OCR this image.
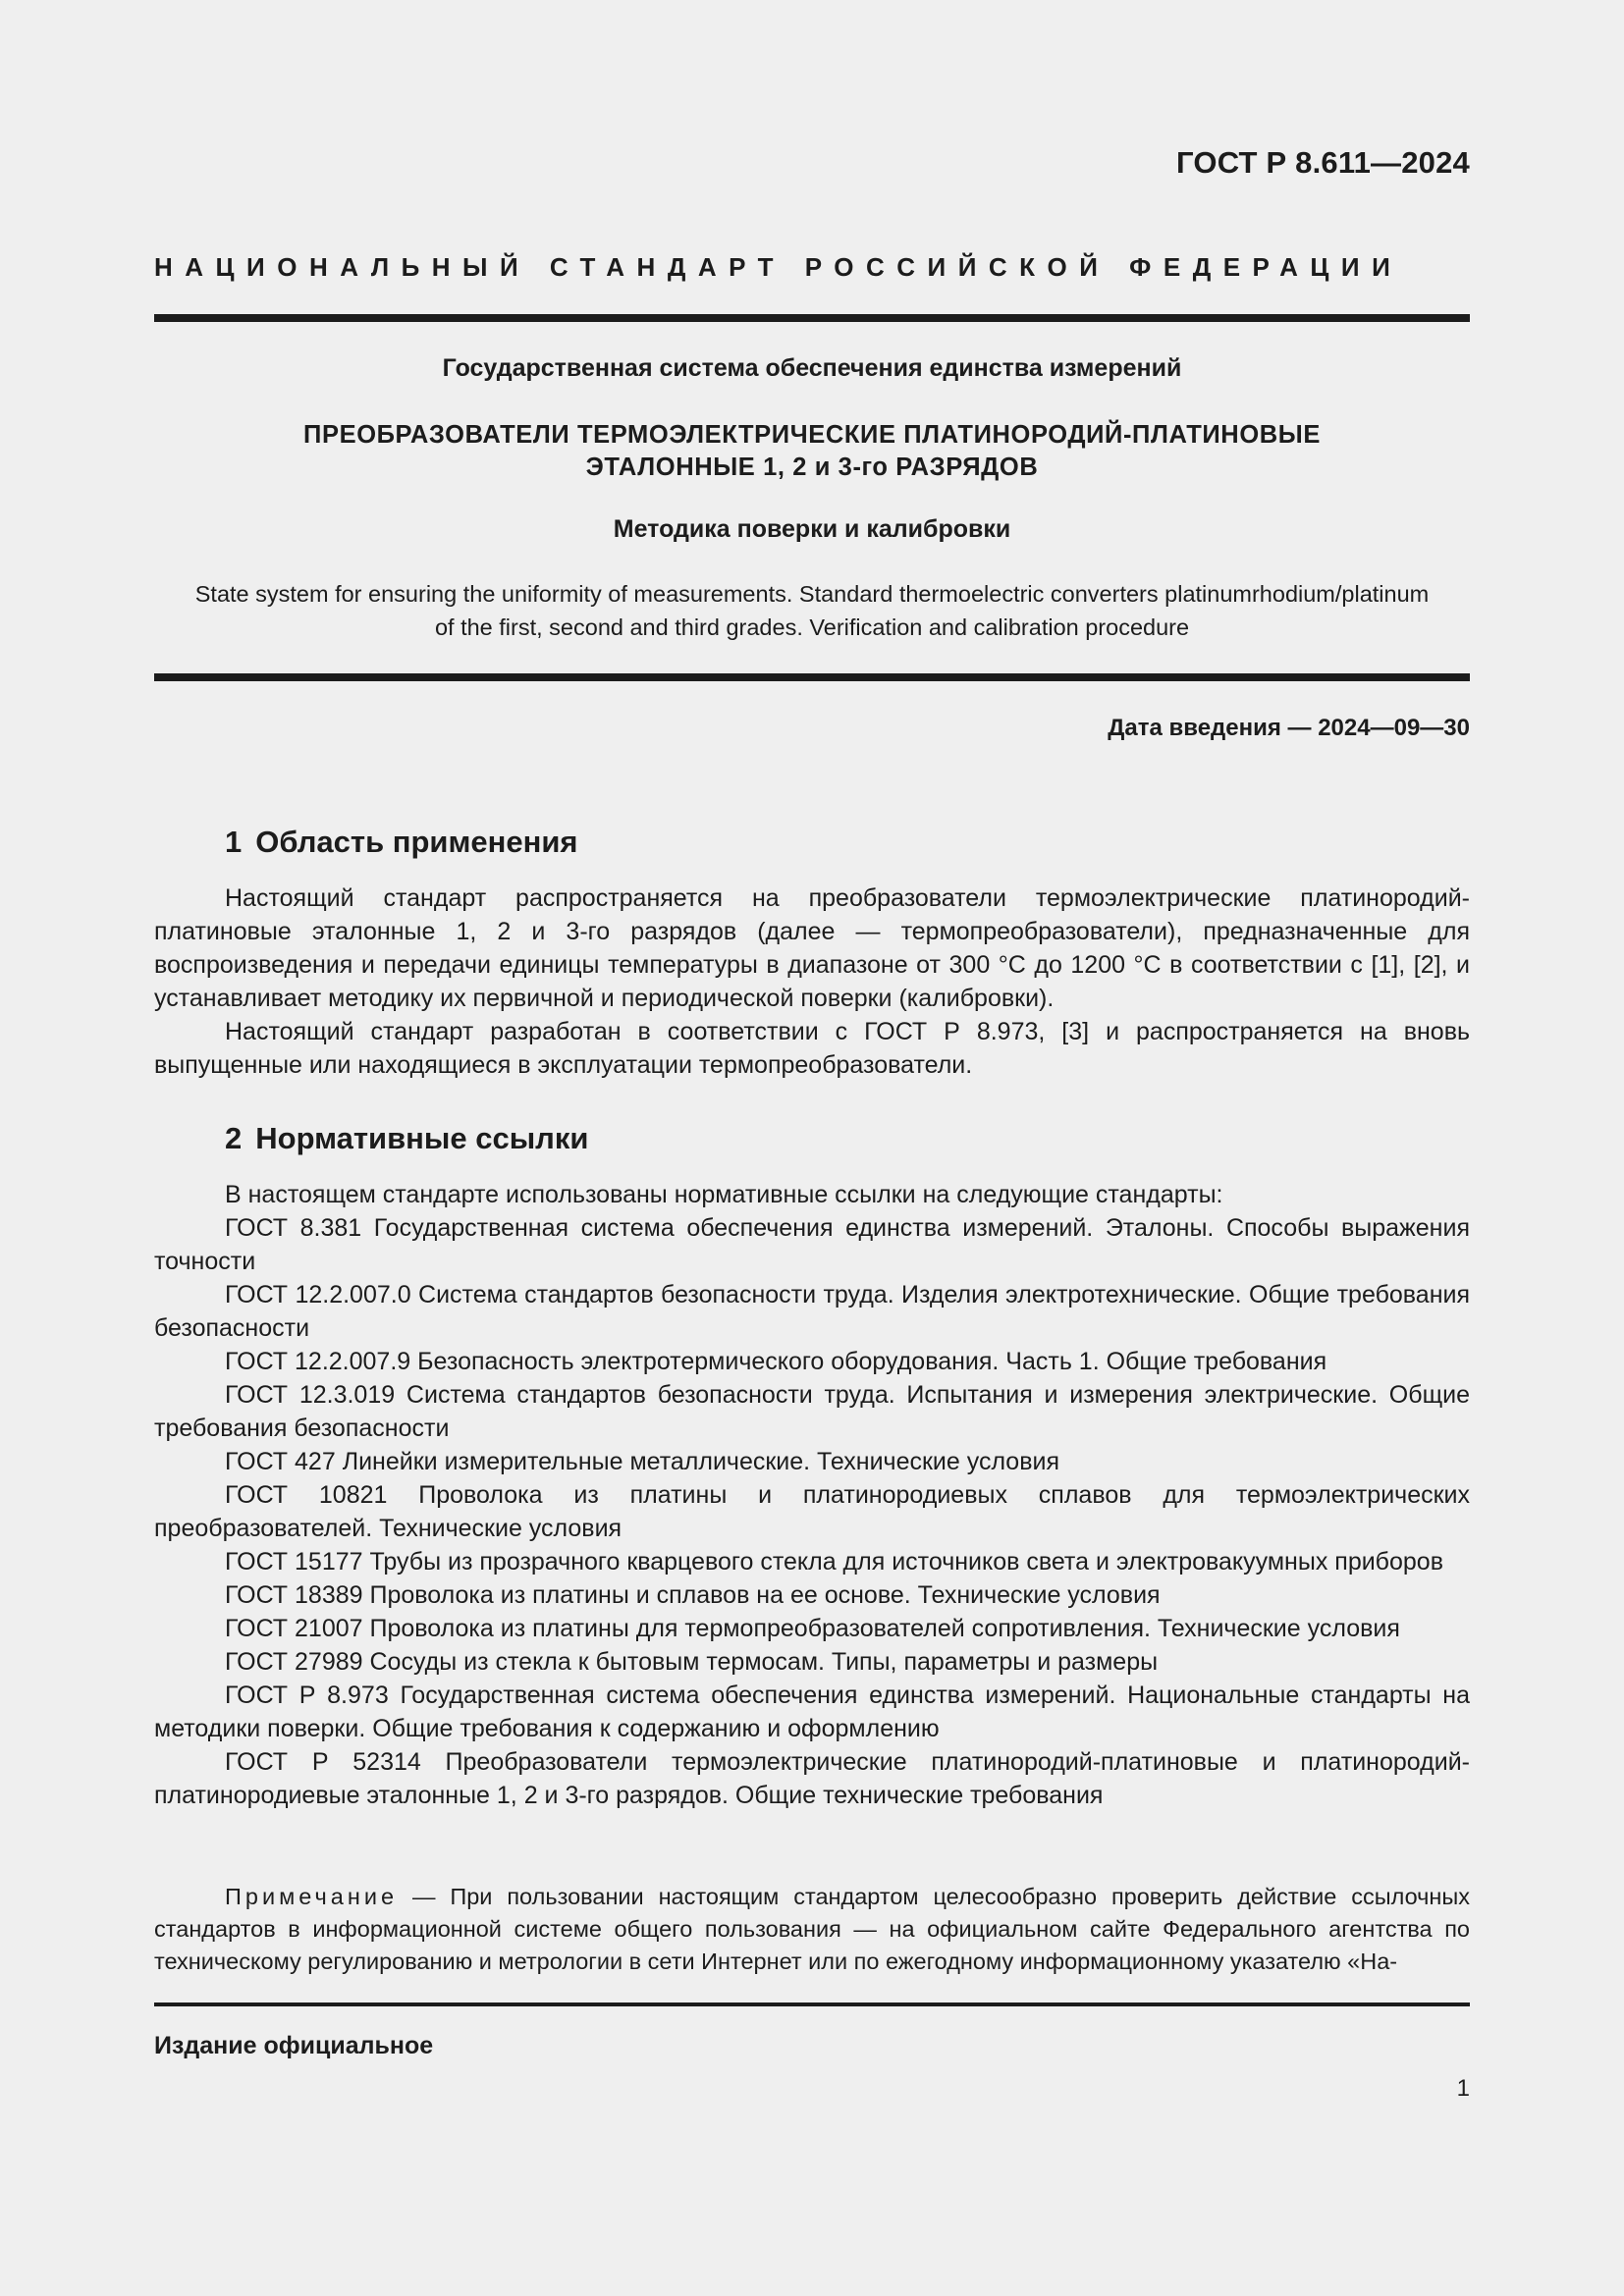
ГОСТ Р 8.611—2024
НАЦИОНАЛЬНЫЙ СТАНДАРТ РОССИЙСКОЙ ФЕДЕРАЦИИ
Государственная система обеспечения единства измерений
ПРЕОБРАЗОВАТЕЛИ ТЕРМОЭЛЕКТРИЧЕСКИЕ ПЛАТИНОРОДИЙ-ПЛАТИНОВЫЕ
ЭТАЛОННЫЕ 1, 2 и 3-го РАЗРЯДОВ
Методика поверки и калибровки
State system for ensuring the uniformity of measurements. Standard thermoelectric converters platinumrhodium/platinum
of the first, second and third grades. Verification and calibration procedure
Дата введения — 2024—09—30
1 Область применения

Настоящий стандарт распространяется на преобразователи термоэлектрические платинородий-платиновые эталонные 1, 2 и 3-го разрядов (далее — термопреобразователи), предназначенные для воспроизведения и передачи единицы температуры в диапазоне от 300 °C до 1200 °C в соответствии с [1], [2], и устанавливает методику их первичной и периодической поверки (калибровки).

Настоящий стандарт разработан в соответствии с ГОСТ Р 8.973, [3] и распространяется на вновь выпущенные или находящиеся в эксплуатации термопреобразователи.

2 Нормативные ссылки

В настоящем стандарте использованы нормативные ссылки на следующие стандарты:

ГОСТ 8.381 Государственная система обеспечения единства измерений. Эталоны. Способы выражения точности
ГОСТ 12.2.007.0 Система стандартов безопасности труда. Изделия электротехнические. Общие требования безопасности
ГОСТ 12.2.007.9 Безопасность электротермического оборудования. Часть 1. Общие требования
ГОСТ 12.3.019 Система стандартов безопасности труда. Испытания и измерения электрические. Общие требования безопасности
ГОСТ 427 Линейки измерительные металлические. Технические условия
ГОСТ 10821 Проволока из платины и платинородиевых сплавов для термоэлектрических преобразователей. Технические условия
ГОСТ 15177 Трубы из прозрачного кварцевого стекла для источников света и электровакуумных приборов
ГОСТ 18389 Проволока из платины и сплавов на ее основе. Технические условия
ГОСТ 21007 Проволока из платины для термопреобразователей сопротивления. Технические условия
ГОСТ 27989 Сосуды из стекла к бытовым термосам. Типы, параметры и размеры
ГОСТ Р 8.973 Государственная система обеспечения единства измерений. Национальные стандарты на методики поверки. Общие требования к содержанию и оформлению
ГОСТ Р 52314 Преобразователи термоэлектрические платинородий-платиновые и платинородий-платинородиевые эталонные 1, 2 и 3-го разрядов. Общие технические требования
Примечание — При пользовании настоящим стандартом целесообразно проверить действие ссылочных стандартов в информационной системе общего пользования — на официальном сайте Федерального агентства по техническому регулированию и метрологии в сети Интернет или по ежегодному информационному указателю «На-
Издание официальное
1
